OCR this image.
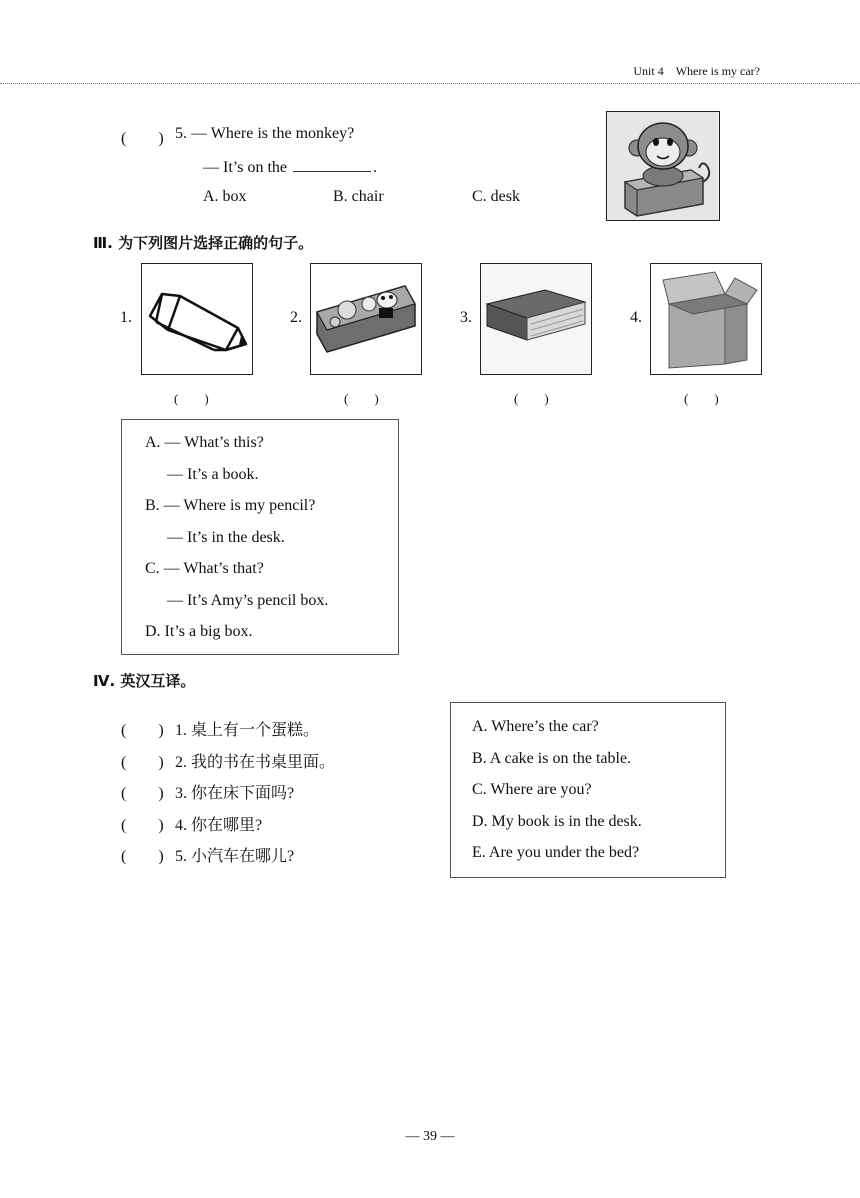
Unit 4　Where is my car?
(　　) 5. — Where is the monkey?
— It’s on the	.
A. box	B. chair	C. desk
Ⅲ. 为下列图片选择正确的句子。
1.
(　　)
2.
(　　)
3.
(　　)
4.
(　　)
A. — What’s this?
— It’s a book.
B. — Where is my pencil?
— It’s in the desk.
C. — What’s that?
— It’s Amy’s pencil box.
D. It’s a big box.
Ⅳ. 英汉互译。
(　　) 1. 桌上有一个蛋糕。
(　　) 2. 我的书在书桌里面。
(　　) 3. 你在床下面吗?
(　　) 4. 你在哪里?
(　　) 5. 小汽车在哪儿?
A. Where’s the car?
B. A cake is on the table.
C. Where are you?
D. My book is in the desk.
E. Are you under the bed?
— 39 —
